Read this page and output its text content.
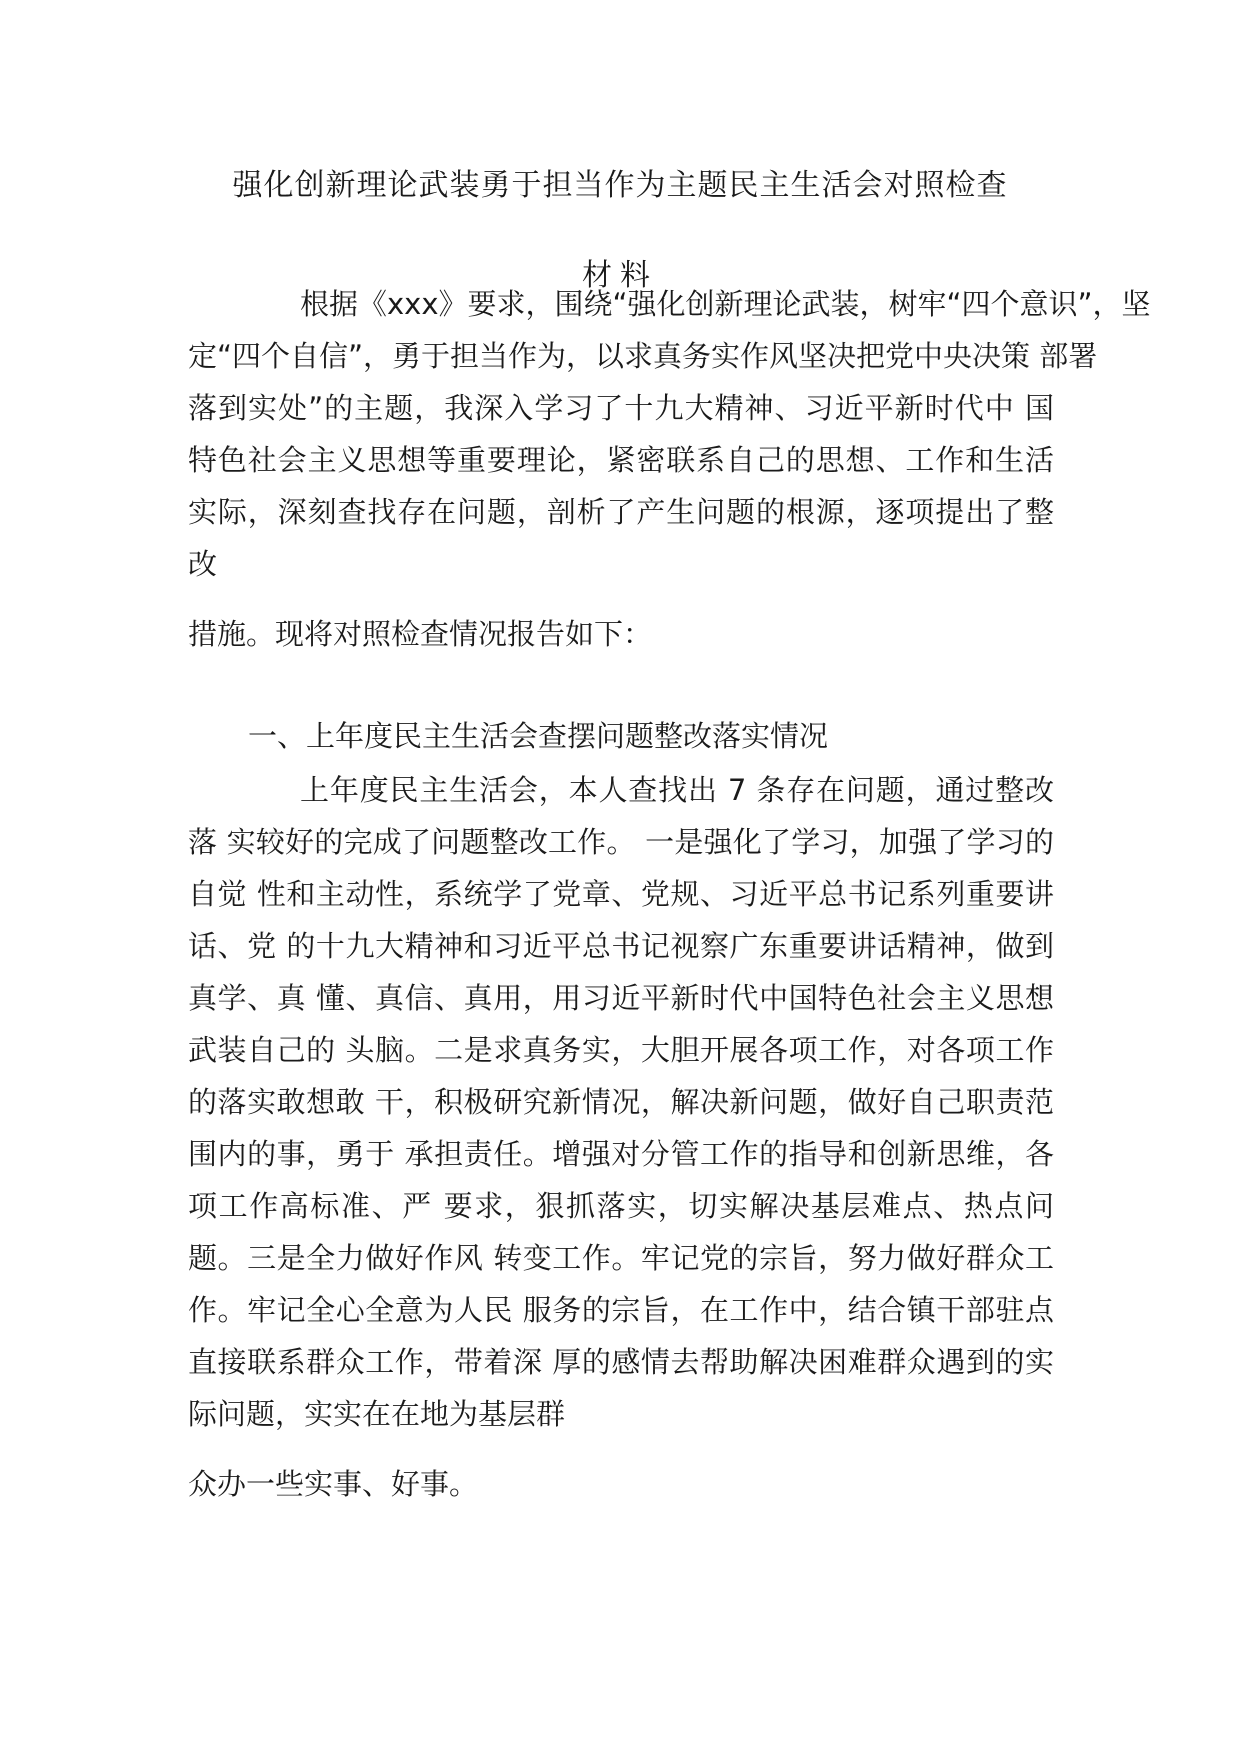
强化创新理论武装勇于担当作为主题民主生活会对照检查
材料
根据《xxx》要求，围绕“强化创新理论武装，树牢“四个意识”，坚
定“四个自信”，勇于担当作为，以求真务实作风坚决把党中央决策 部署
落到实处”的主题，我深入学习了十九大精神、习近平新时代中 国
特色社会主义思想等重要理论，紧密联系自己的思想、工作和生活
实际，深刻查找存在问题，剖析了产生问题的根源，逐项提出了整
改
措施。现将对照检查情况报告如下：
一、上年度民主生活会查摆问题整改落实情况
上年度民主生活会，本人查找出 7 条存在问题，通过整改
落 实较好的完成了问题整改工作。 一是强化了学习，加强了学习的
自觉 性和主动性，系统学了党章、党规、习近平总书记系列重要讲
话、党 的十九大精神和习近平总书记视察广东重要讲话精神，做到
真学、真 懂、真信、真用，用习近平新时代中国特色社会主义思想
武装自己的 头脑。二是求真务实，大胆开展各项工作，对各项工作
的落实敢想敢 干，积极研究新情况，解决新问题，做好自己职责范
围内的事，勇于 承担责任。增强对分管工作的指导和创新思维，各
项工作高标准、严 要求，狠抓落实，切实解决基层难点、热点问
题。三是全力做好作风 转变工作。牢记党的宗旨，努力做好群众工
作。牢记全心全意为人民 服务的宗旨，在工作中，结合镇干部驻点
直接联系群众工作，带着深 厚的感情去帮助解决困难群众遇到的实
际问题，实实在在地为基层群
众办一些实事、好事。
